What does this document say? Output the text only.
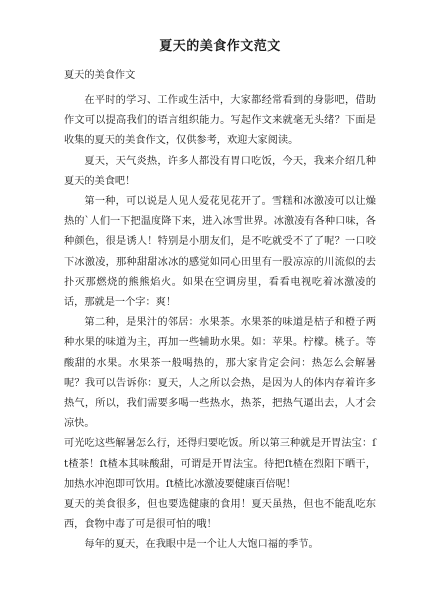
夏天的美食作文范文
夏天的美食作文

在平时的学习、工作或生活中，大家都经常看到的身影吧，借助作文可以提高我们的语言组织能力。写起作文来就毫无头绪？下面是收集的夏天的美食作文，仅供参考，欢迎大家阅读。

夏天，天气炎热，许多人都没有胃口吃饭，今天，我来介绍几种夏天的美食吧！

第一种，可以说是人见人爱花见花开了。雪糕和冰激凌可以让燥热的`人们一下把温度降下来，进入冰雪世界。冰激凌有各种口味，各种颜色，很是诱人！特别是小朋友们，是不吃就受不了了呢？一口咬下冰激凌，那种甜甜冰冰的感觉如同心田里有一股凉凉的川流似的去扑灭那燃烧的熊熊焰火。如果在空调房里，看看电视吃着冰激凌的话，那就是一个字：爽！

第二种，是果汁的邻居：水果茶。水果茶的味道是桔子和橙子两种水果的味道为主，再加一些辅助水果。如：苹果。柠檬。桃子。等酸甜的水果。水果茶一般喝热的，那大家肯定会问：热怎么会解暑呢？我可以告诉你：夏天，人之所以会热，是因为人的体内存着许多热气，所以，我们需要多喝一些热水，热茶，把热气逼出去，人才会凉快。

可光吃这些解暑怎么行，还得归要吃饭。所以第三种就是开胃法宝：ſt楂茶！ſt楂本其味酸甜，可谓是开胃法宝。待把ſt楂在烈阳下晒干，加热水冲泡即可饮用。ſt楂比冰激凌要健康百倍呢！

夏天的美食很多，但也要选健康的食用！夏天虽热，但也不能乱吃东西，食物中毒了可是很可怕的哦！

每年的夏天，在我眼中是一个让人大饱口福的季节。
